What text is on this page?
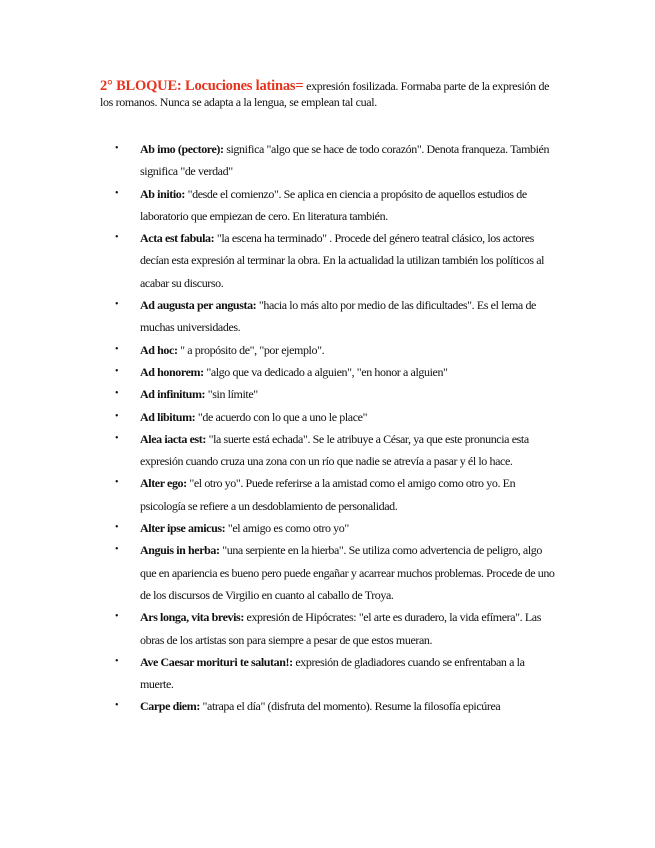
2° BLOQUE: Locuciones latinas= expresión fosilizada. Formaba parte de la expresión de los romanos. Nunca se adapta a la lengua, se emplean tal cual.

• Ab imo (pectore): significa "algo que se hace de todo corazón". Denota franqueza. También significa "de verdad"
• Ab initio: "desde el comienzo". Se aplica en ciencia a propósito de aquellos estudios de laboratorio que empiezan de cero. En literatura también.
• Acta est fabula: "la escena ha terminado" . Procede del género teatral clásico, los actores decían esta expresión al terminar la obra. En la actualidad la utilizan también los políticos al acabar su discurso.
• Ad augusta per angusta: "hacia lo más alto por medio de las dificultades". Es el lema de muchas universidades.
• Ad hoc: " a propósito de", "por ejemplo".
• Ad honorem: "algo que va dedicado a alguien", "en honor a alguien"
• Ad infinitum: "sin límite"
• Ad libitum: "de acuerdo con lo que a uno le place"
• Alea iacta est: "la suerte está echada". Se le atribuye a César, ya que este pronuncia esta expresión cuando cruza una zona con un río que nadie se atrevía a pasar y él lo hace.
• Alter ego: "el otro yo". Puede referirse a la amistad como el amigo como otro yo. En psicología se refiere a un desdoblamiento de personalidad.
• Alter ipse amicus: "el amigo es como otro yo"
• Anguis in herba: "una serpiente en la hierba". Se utiliza como advertencia de peligro, algo que en apariencia es bueno pero puede engañar y acarrear muchos problemas. Procede de uno de los discursos de Virgilio en cuanto al caballo de Troya.
• Ars longa, vita brevis: expresión de Hipócrates: "el arte es duradero, la vida efímera". Las obras de los artistas son para siempre a pesar de que estos mueran.
• Ave Caesar morituri te salutan!: expresión de gladiadores cuando se enfrentaban a la muerte.
• Carpe diem: "atrapa el día" (disfruta del momento). Resume la filosofía epicúrea
